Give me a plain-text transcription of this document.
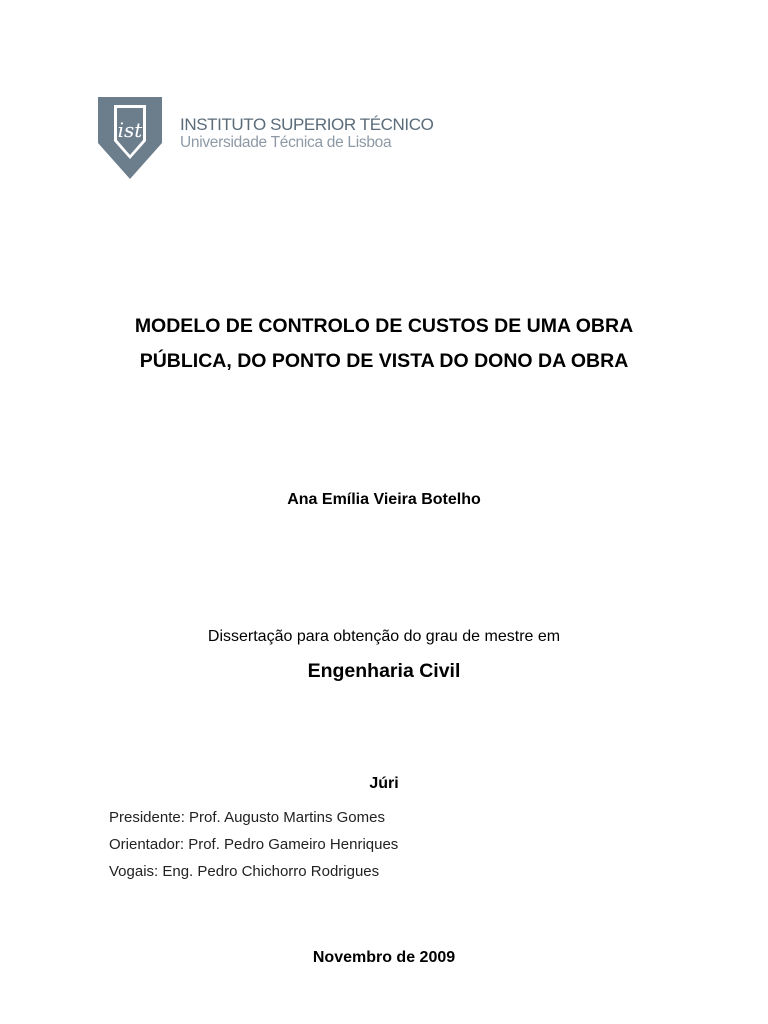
ist INSTITUTO SUPERIOR TÉCNICO
Universidade Técnica de Lisboa
MODELO DE CONTROLO DE CUSTOS DE UMA OBRA
PÚBLICA, DO PONTO DE VISTA DO DONO DA OBRA
Ana Emília Vieira Botelho
Dissertação para obtenção do grau de mestre em
Engenharia Civil
Júri
Presidente: Prof. Augusto Martins Gomes
Orientador: Prof. Pedro Gameiro Henriques
Vogais: Eng. Pedro Chichorro Rodrigues
Novembro de 2009
